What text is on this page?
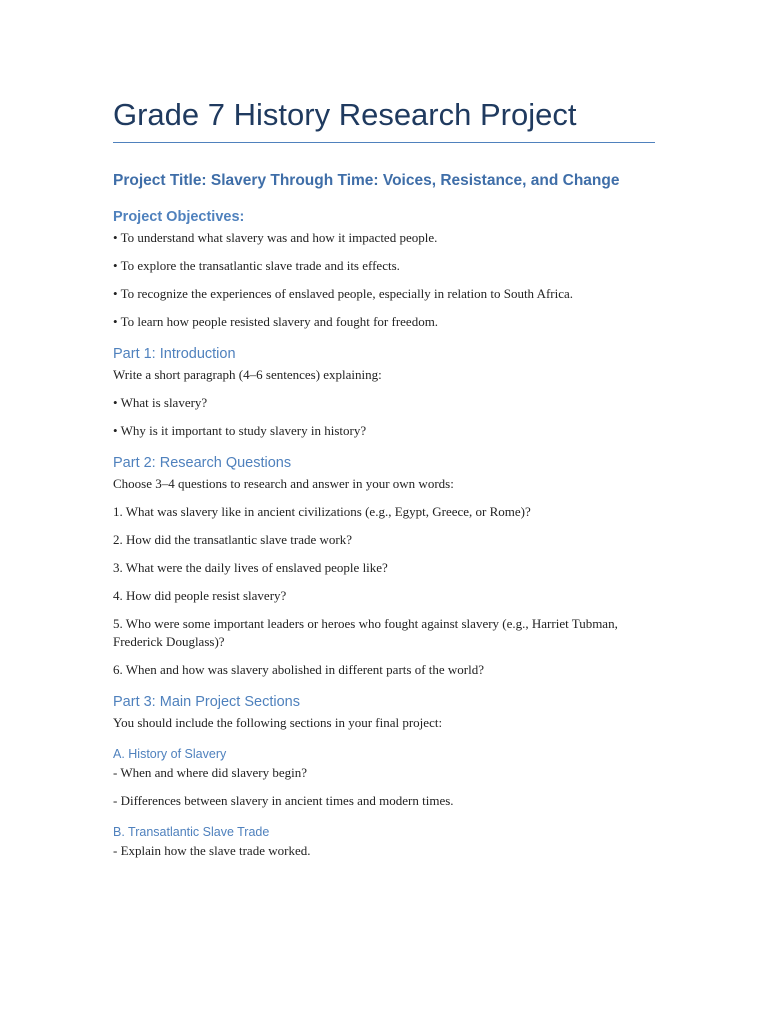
Grade 7 History Research Project
Project Title: Slavery Through Time: Voices, Resistance, and Change
Project Objectives:

• To understand what slavery was and how it impacted people.

• To explore the transatlantic slave trade and its effects.

• To recognize the experiences of enslaved people, especially in relation to South Africa.

• To learn how people resisted slavery and fought for freedom.

Part 1: Introduction

Write a short paragraph (4–6 sentences) explaining:

• What is slavery?

• Why is it important to study slavery in history?

Part 2: Research Questions

Choose 3–4 questions to research and answer in your own words:

1. What was slavery like in ancient civilizations (e.g., Egypt, Greece, or Rome)?

2. How did the transatlantic slave trade work?

3. What were the daily lives of enslaved people like?

4. How did people resist slavery?

5. Who were some important leaders or heroes who fought against slavery (e.g., Harriet Tubman, Frederick Douglass)?

6. When and how was slavery abolished in different parts of the world?

Part 3: Main Project Sections

You should include the following sections in your final project:

A. History of Slavery

- When and where did slavery begin?

- Differences between slavery in ancient times and modern times.

B. Transatlantic Slave Trade

- Explain how the slave trade worked.
